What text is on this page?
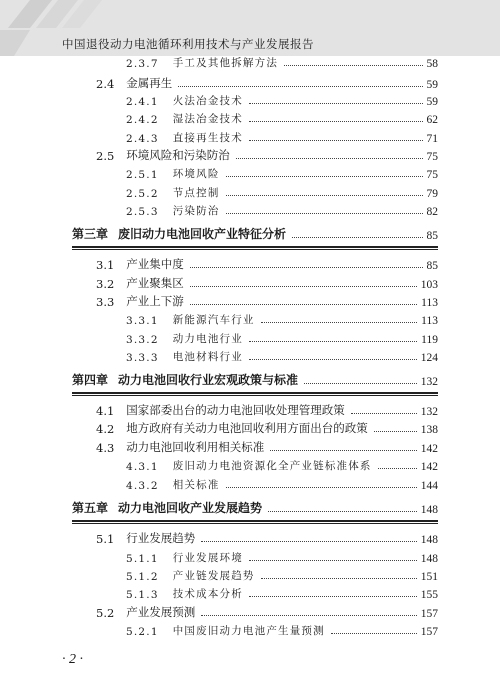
中国退役动力电池循环利用技术与产业发展报告
2.3.7 手工及其他拆解方法	58
2.4 金属再生	59
2.4.1 火法冶金技术	59
2.4.2 湿法冶金技术	62
2.4.3 直接再生技术	71
2.5 环境风险和污染防治	75
2.5.1 环境风险	75
2.5.2 节点控制	79
2.5.3 污染防治	82
第三章 废旧动力电池回收产业特征分析	85
3.1 产业集中度	85
3.2 产业聚集区	103
3.3 产业上下游	113
3.3.1 新能源汽车行业	113
3.3.2 动力电池行业	119
3.3.3 电池材料行业	124
第四章 动力电池回收行业宏观政策与标准	132
4.1 国家部委出台的动力电池回收处理管理政策	132
4.2 地方政府有关动力电池回收利用方面出台的政策	138
4.3 动力电池回收利用相关标准	142
4.3.1 废旧动力电池资源化全产业链标准体系	142
4.3.2 相关标准	144
第五章 动力电池回收产业发展趋势	148
5.1 行业发展趋势	148
5.1.1 行业发展环境	148
5.1.2 产业链发展趋势	151
5.1.3 技术成本分析	155
5.2 产业发展预测	157
5.2.1 中国废旧动力电池产生量预测	157
· 2 ·
